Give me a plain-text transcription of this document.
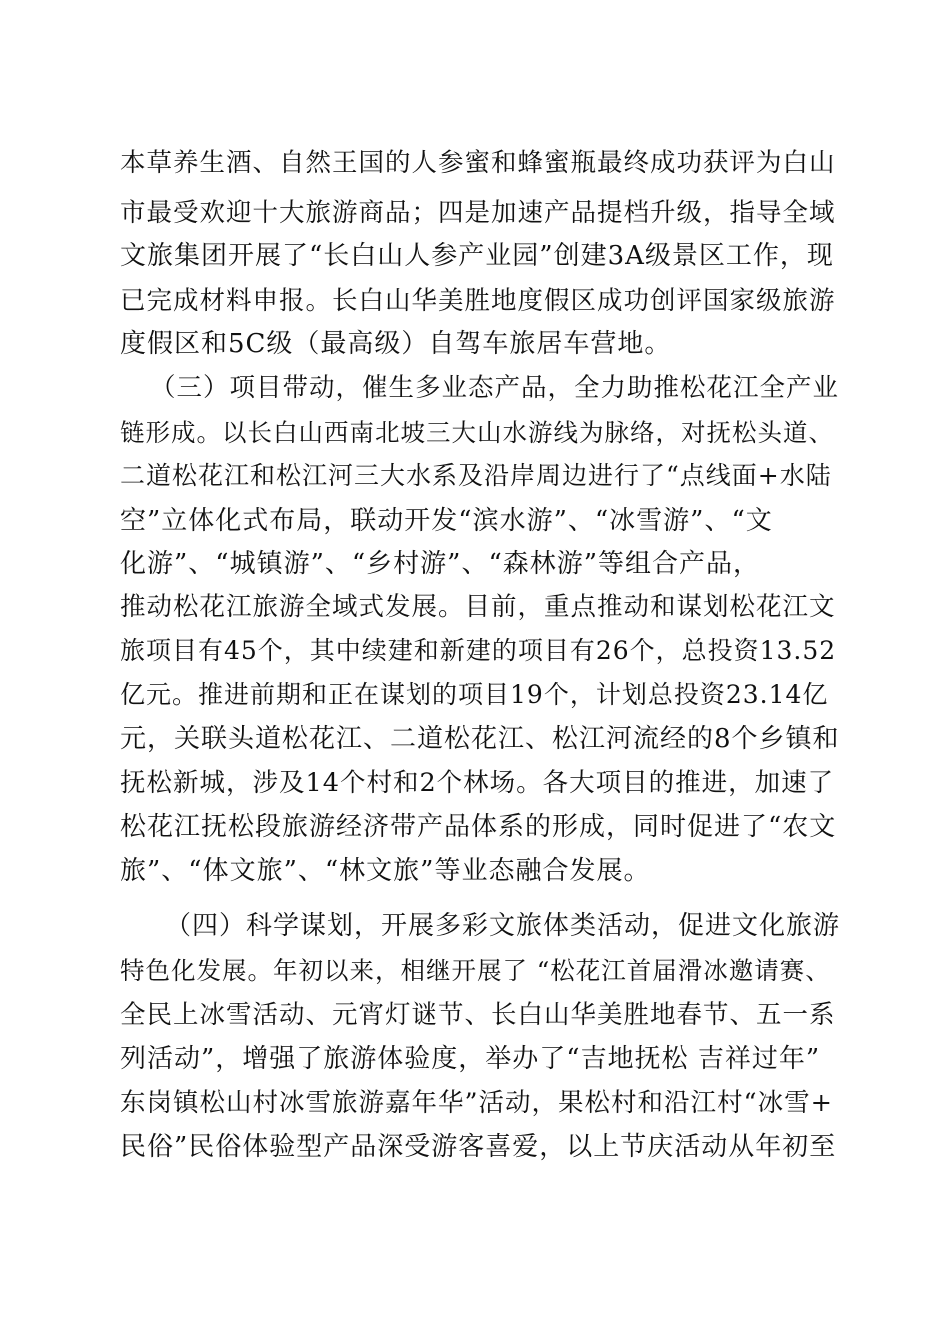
本草养生酒、自然王国的人参蜜和蜂蜜瓶最终成功获评为白山
市最受欢迎十大旅游商品；四是加速产品提档升级，指导全域
文旅集团开展了“长白山人参产业园”创建3A级景区工作，现
已完成材料申报。长白山华美胜地度假区成功创评国家级旅游
度假区和5C级（最高级）自驾车旅居车营地。
（三）项目带动，催生多业态产品，全力助推松花江全产业
链形成。以长白山西南北坡三大山水游线为脉络，对抚松头道、
二道松花江和松江河三大水系及沿岸周边进行了“点线面+水陆
空”立体化式布局，联动开发“滨水游”、“冰雪游”、“文
化游”、“城镇游”、“乡村游”、“森林游”等组合产品，
推动松花江旅游全域式发展。目前，重点推动和谋划松花江文
旅项目有45个，其中续建和新建的项目有26个，总投资13.52
亿元。推进前期和正在谋划的项目19个，计划总投资23.14亿
元，关联头道松花江、二道松花江、松江河流经的8个乡镇和
抚松新城，涉及14个村和2个林场。各大项目的推进，加速了
松花江抚松段旅游经济带产品体系的形成，同时促进了“农文
旅”、“体文旅”、“林文旅”等业态融合发展。
（四）科学谋划，开展多彩文旅体类活动，促进文化旅游
特色化发展。年初以来，相继开展了 “松花江首届滑冰邀请赛、
全民上冰雪活动、元宵灯谜节、长白山华美胜地春节、五一系
列活动”，增强了旅游体验度，举办了“吉地抚松 吉祥过年”
东岗镇松山村冰雪旅游嘉年华”活动，果松村和沿江村“冰雪+
民俗”民俗体验型产品深受游客喜爱，以上节庆活动从年初至
